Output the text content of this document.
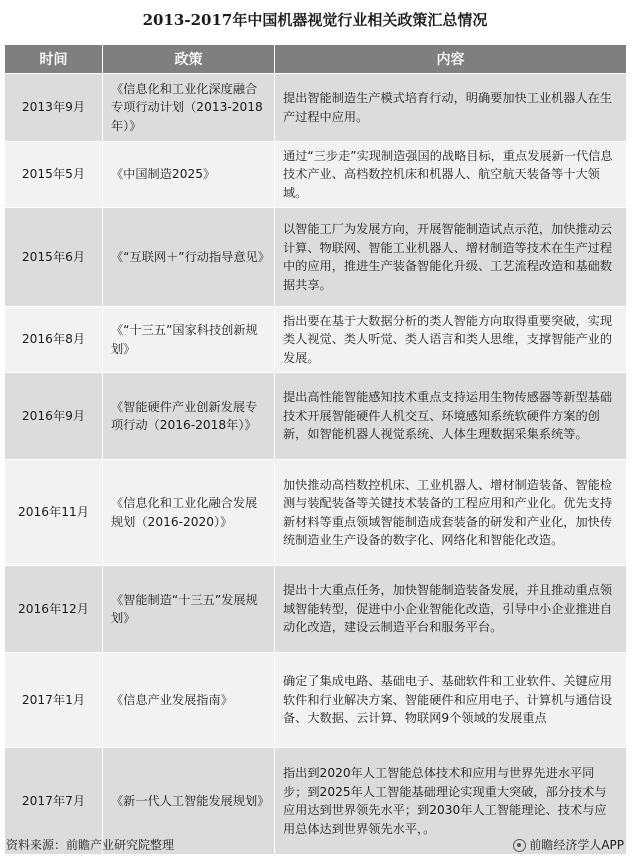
2013-2017年中国机器视觉行业相关政策汇总情况
时间	政策	内容
2013年9月	《信息化和工业化深度融合专项行动计划（2013-2018年）》	提出智能制造生产模式培育行动，明确要加快工业机器人在生产过程中应用。
2015年5月	《中国制造2025》	通过“三步走”实现制造强国的战略目标，重点发展新一代信息技术产业、高档数控机床和机器人、航空航天装备等十大领域。
2015年6月	《“互联网＋”行动指导意见》	以智能工厂为发展方向，开展智能制造试点示范，加快推动云计算、物联网、智能工业机器人、增材制造等技术在生产过程中的应用，推进生产装备智能化升级、工艺流程改造和基础数据共享。
2016年8月	《“十三五”国家科技创新规划》	指出要在基于大数据分析的类人智能方向取得重要突破，实现类人视觉、类人听觉、类人语言和类人思维，支撑智能产业的发展。
2016年9月	《智能硬件产业创新发展专项行动（2016-2018年）》	提出高性能智能感知技术重点支持运用生物传感器等新型基础技术开展智能硬件人机交互、环境感知系统软硬件方案的创新，如智能机器人视觉系统、人体生理数据采集系统等。
2016年11月	《信息化和工业化融合发展规划（2016-2020）》	加快推动高档数控机床、工业机器人、增材制造装备、智能检测与装配装备等关键技术装备的工程应用和产业化。优先支持新材料等重点领域智能制造成套装备的研发和产业化，加快传统制造业生产设备的数字化、网络化和智能化改造。
2016年12月	《智能制造“十三五”发展规划》	提出十大重点任务，加快智能制造装备发展，并且推动重点领域智能转型，促进中小企业智能化改造，引导中小企业推进自动化改造，建设云制造平台和服务平台。
2017年1月	《信息产业发展指南》	确定了集成电路、基础电子、基础软件和工业软件、关键应用软件和行业解决方案、智能硬件和应用电子、计算机与通信设备、大数据、云计算、物联网9个领域的发展重点
2017年7月	《新一代人工智能发展规划》	指出到2020年人工智能总体技术和应用与世界先进水平同步；到2025年人工智能基础理论实现重大突破，部分技术与应用达到世界领先水平；到2030年人工智能理论、技术与应用总体达到世界领先水平，。
资料来源：前瞻产业研究院整理	前瞻经济学人APP
